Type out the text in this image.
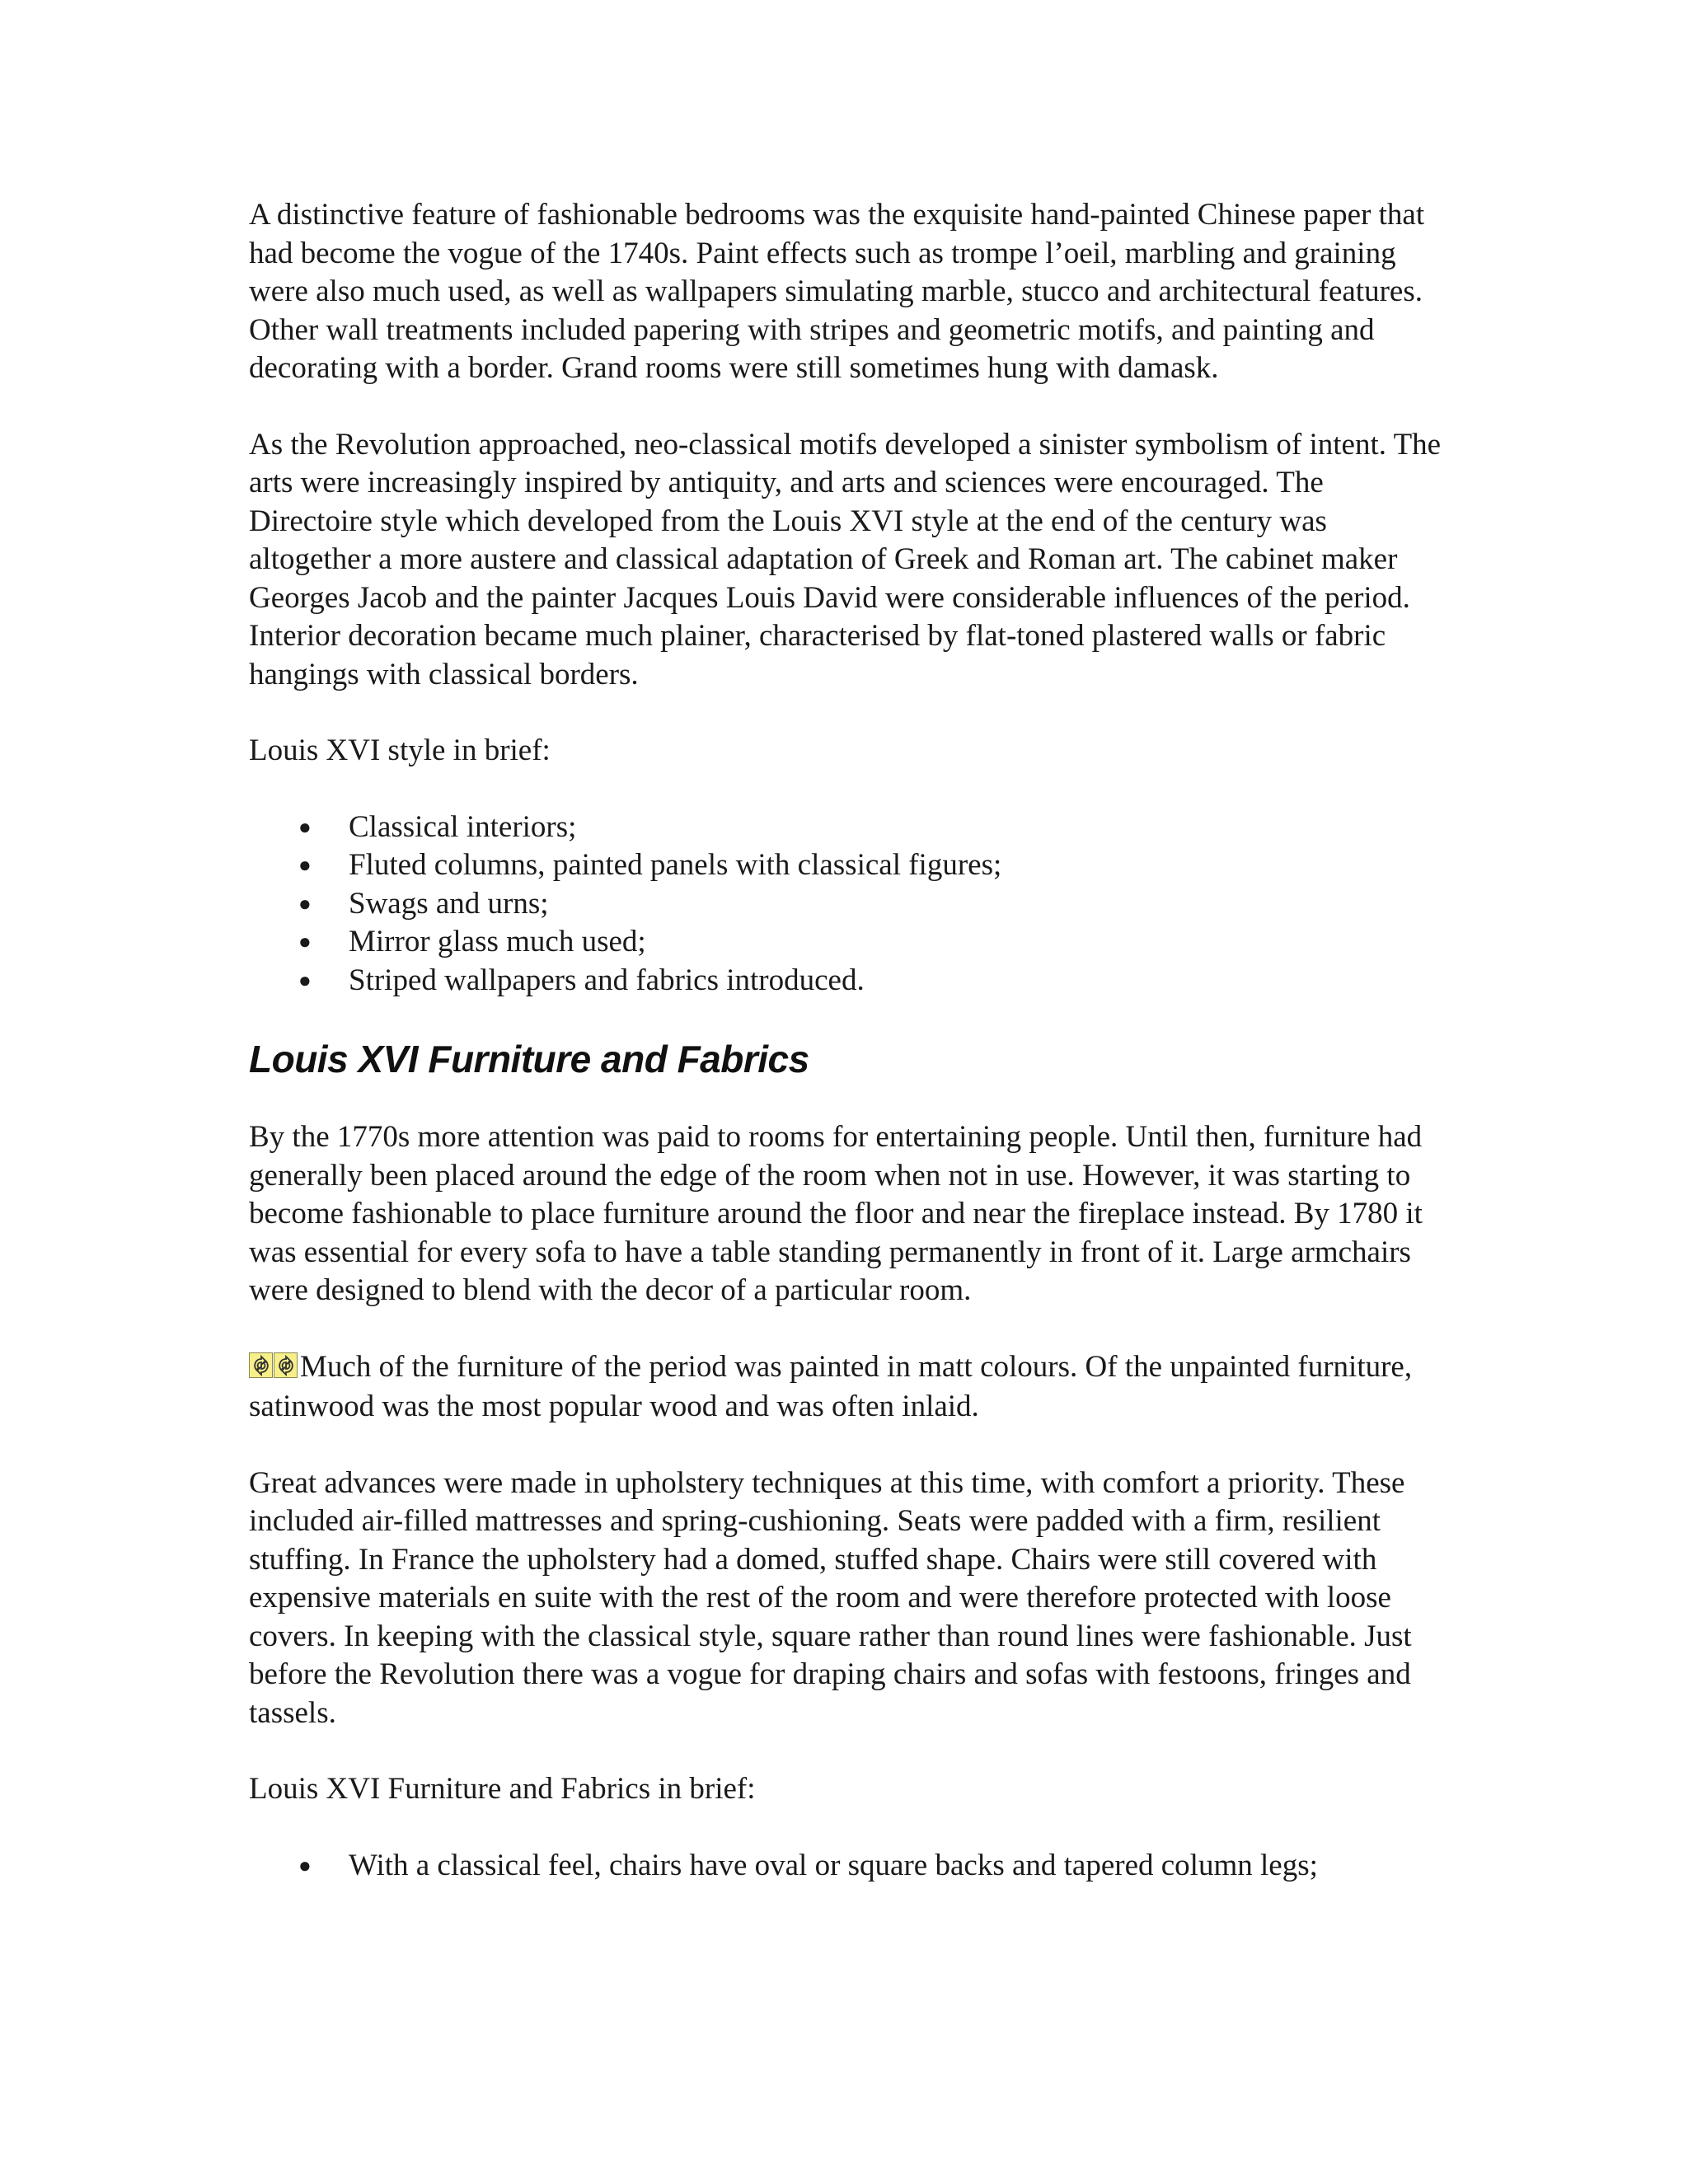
A distinctive feature of fashionable bedrooms was the exquisite hand-painted Chinese paper that had become the vogue of the 1740s. Paint effects such as trompe l’oeil, marbling and graining were also much used, as well as wallpapers simulating marble, stucco and architectural features. Other wall treatments included papering with stripes and geometric motifs, and painting and decorating with a border. Grand rooms were still sometimes hung with damask.

As the Revolution approached, neo-classical motifs developed a sinister symbolism of intent. The arts were increasingly inspired by antiquity, and arts and sciences were encouraged. The Directoire style which developed from the Louis XVI style at the end of the century was altogether a more austere and classical adaptation of Greek and Roman art. The cabinet maker Georges Jacob and the painter Jacques Louis David were considerable influences of the period. Interior decoration became much plainer, characterised by flat-toned plastered walls or fabric hangings with classical borders.

Louis XVI style in brief:

● Classical interiors;
● Fluted columns, painted panels with classical figures;
● Swags and urns;
● Mirror glass much used;
● Striped wallpapers and fabrics introduced.
Louis XVI Furniture and Fabrics

By the 1770s more attention was paid to rooms for entertaining people. Until then, furniture had generally been placed around the edge of the room when not in use. However, it was starting to become fashionable to place furniture around the floor and near the fireplace instead. By 1780 it was essential for every sofa to have a table standing permanently in front of it. Large armchairs were designed to blend with the decor of a particular room.

Much of the furniture of the period was painted in matt colours. Of the unpainted furniture, satinwood was the most popular wood and was often inlaid.

Great advances were made in upholstery techniques at this time, with comfort a priority. These included air-filled mattresses and spring-cushioning. Seats were padded with a firm, resilient stuffing. In France the upholstery had a domed, stuffed shape. Chairs were still covered with expensive materials en suite with the rest of the room and were therefore protected with loose covers. In keeping with the classical style, square rather than round lines were fashionable. Just before the Revolution there was a vogue for draping chairs and sofas with festoons, fringes and tassels.

Louis XVI Furniture and Fabrics in brief:

● With a classical feel, chairs have oval or square backs and tapered column legs;
